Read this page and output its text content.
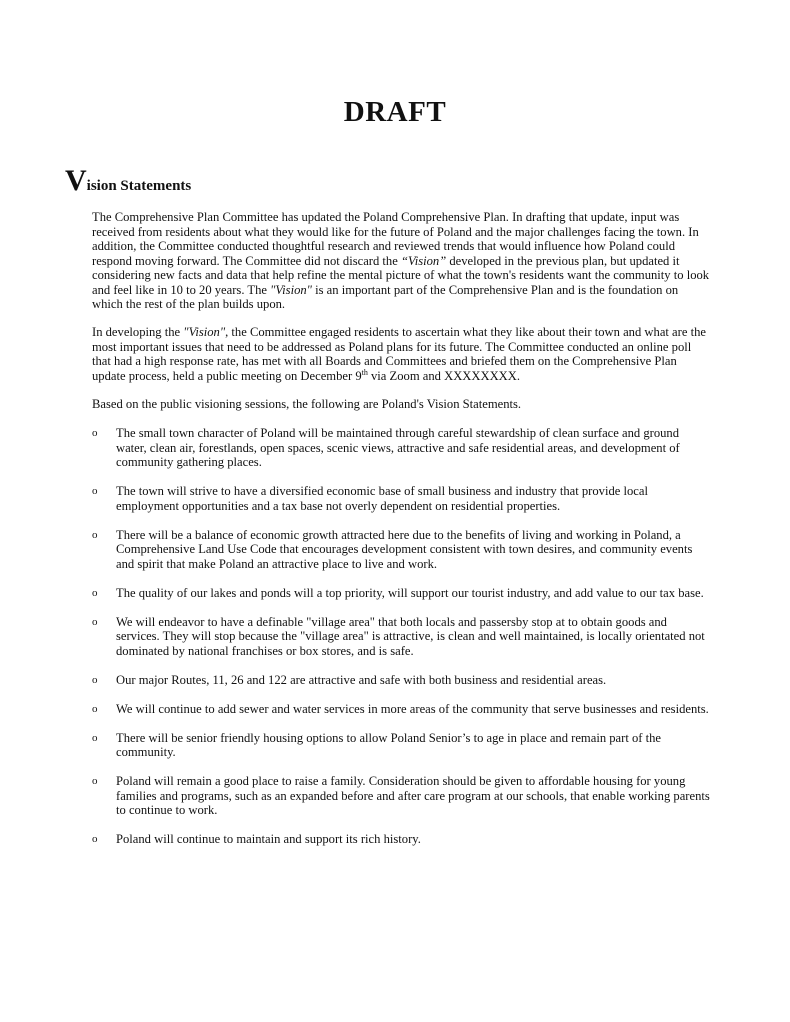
DRAFT
Vision Statements

The Comprehensive Plan Committee has updated the Poland Comprehensive Plan. In drafting that update, input was received from residents about what they would like for the future of Poland and the major challenges facing the town. In addition, the Committee conducted thoughtful research and reviewed trends that would influence how Poland could respond moving forward. The Committee did not discard the “Vision” developed in the previous plan, but updated it considering new facts and data that help refine the mental picture of what the town's residents want the community to look and feel like in 10 to 20 years. The "Vision" is an important part of the Comprehensive Plan and is the foundation on which the rest of the plan builds upon.

In developing the "Vision", the Committee engaged residents to ascertain what they like about their town and what are the most important issues that need to be addressed as Poland plans for its future. The Committee conducted an online poll that had a high response rate, has met with all Boards and Committees and briefed them on the Comprehensive Plan update process, held a public meeting on December 9th via Zoom and XXXXXXXX.

Based on the public visioning sessions, the following are Poland's Vision Statements.

o The small town character of Poland will be maintained through careful stewardship of clean surface and ground water, clean air, forestlands, open spaces, scenic views, attractive and safe residential areas, and development of community gathering places.
o The town will strive to have a diversified economic base of small business and industry that provide local employment opportunities and a tax base not overly dependent on residential properties.
o There will be a balance of economic growth attracted here due to the benefits of living and working in Poland, a Comprehensive Land Use Code that encourages development consistent with town desires, and community events and spirit that make Poland an attractive place to live and work.
o The quality of our lakes and ponds will a top priority, will support our tourist industry, and add value to our tax base.
o We will endeavor to have a definable "village area" that both locals and passersby stop at to obtain goods and services. They will stop because the "village area" is attractive, is clean and well maintained, is locally orientated not dominated by national franchises or box stores, and is safe.
o Our major Routes, 11, 26 and 122 are attractive and safe with both business and residential areas.
o We will continue to add sewer and water services in more areas of the community that serve businesses and residents.
o There will be senior friendly housing options to allow Poland Senior’s to age in place and remain part of the community.
o Poland will remain a good place to raise a family. Consideration should be given to affordable housing for young families and programs, such as an expanded before and after care program at our schools, that enable working parents to continue to work.
o Poland will continue to maintain and support its rich history.
